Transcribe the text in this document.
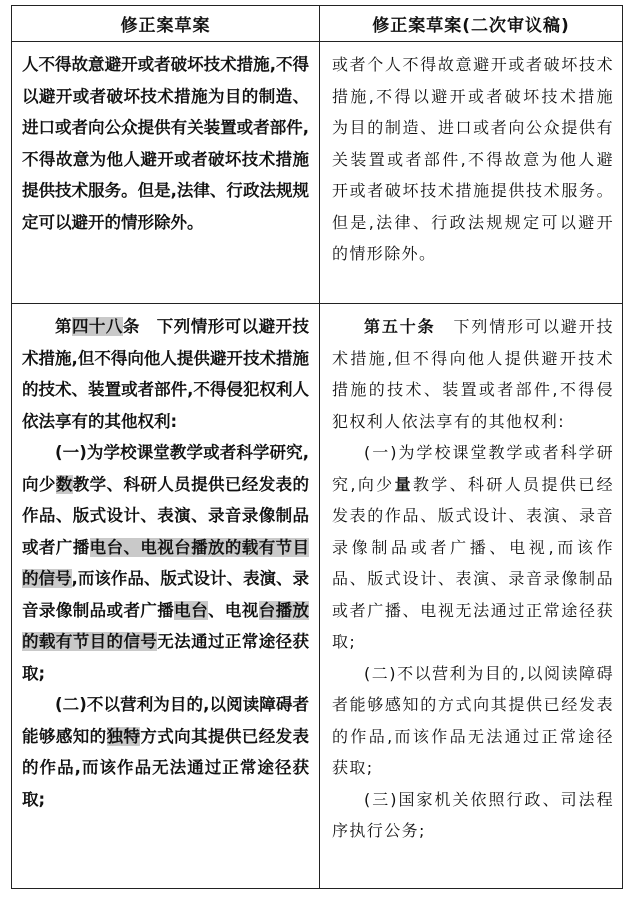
修正案草案	修正案草案(二次审议稿)

人不得故意避开或者破坏技术措施,不得以避开或者破坏技术措施为目的制造、进口或者向公众提供有关装置或者部件,不得故意为他人避开或者破坏技术措施提供技术服务。但是,法律、行政法规规定可以避开的情形除外。

或者个人不得故意避开或者破坏技术措施,不得以避开或者破坏技术措施为目的制造、进口或者向公众提供有关装置或者部件,不得故意为他人避开或者破坏技术措施提供技术服务。但是,法律、行政法规规定可以避开的情形除外。

第四十八条　下列情形可以避开技术措施,但不得向他人提供避开技术措施的技术、装置或者部件,不得侵犯权利人依法享有的其他权利:

(一)为学校课堂教学或者科学研究,向少数教学、科研人员提供已经发表的作品、版式设计、表演、录音录像制品或者广播电台、电视台播放的载有节目的信号,而该作品、版式设计、表演、录音录像制品或者广播电台、电视台播放的载有节目的信号无法通过正常途径获取;

(二)不以营利为目的,以阅读障碍者能够感知的独特方式向其提供已经发表的作品,而该作品无法通过正常途径获取;

第五十条　下列情形可以避开技术措施,但不得向他人提供避开技术措施的技术、装置或者部件,不得侵犯权利人依法享有的其他权利:

(一)为学校课堂教学或者科学研究,向少量教学、科研人员提供已经发表的作品、版式设计、表演、录音录像制品或者广播、电视,而该作品、版式设计、表演、录音录像制品或者广播、电视无法通过正常途径获取;

(二)不以营利为目的,以阅读障碍者能够感知的方式向其提供已经发表的作品,而该作品无法通过正常途径获取;

(三)国家机关依照行政、司法程序执行公务;
